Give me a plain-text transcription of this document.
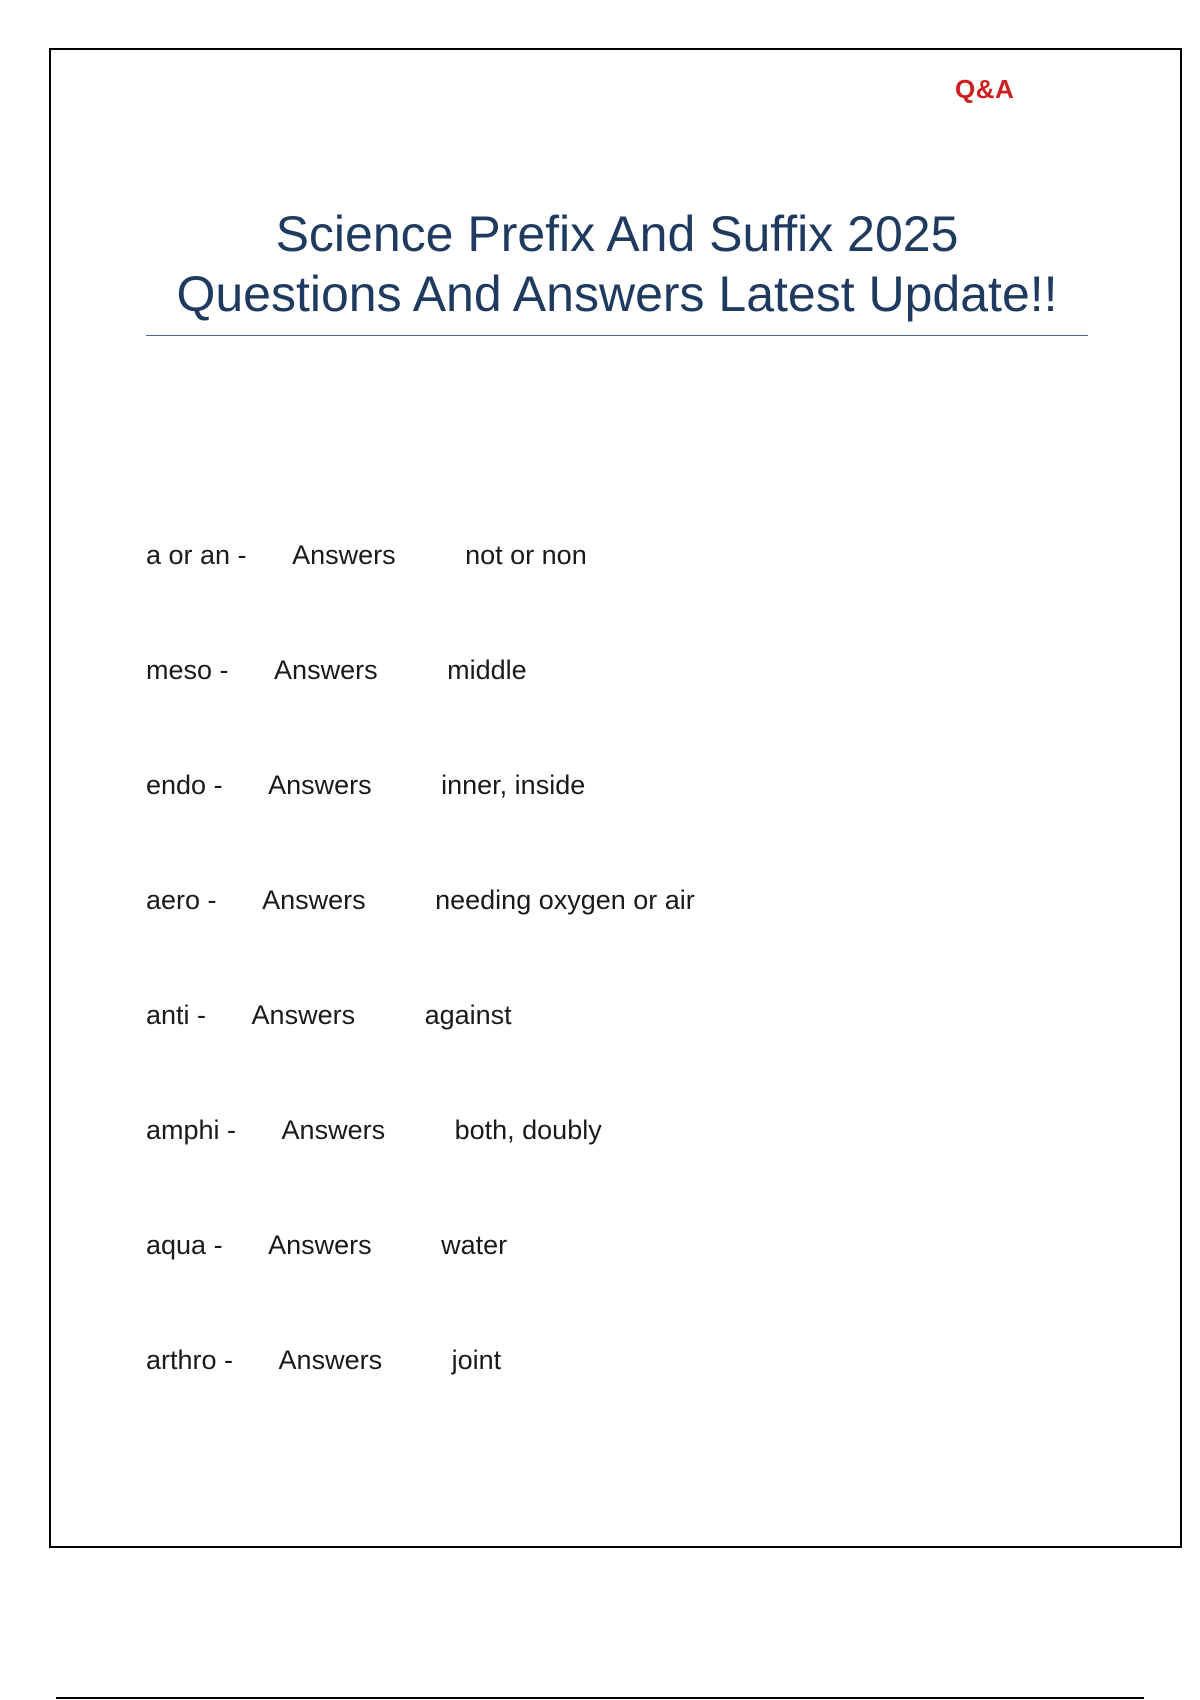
Q&A
Science Prefix And Suffix 2025
Questions And Answers Latest Update!!
a or an - Answers	not or non
meso - Answers	middle
endo - Answers	inner, inside
aero - Answers	needing oxygen or air
anti - Answers	against
amphi - Answers	both, doubly
aqua - Answers	water
arthro - Answers	joint
